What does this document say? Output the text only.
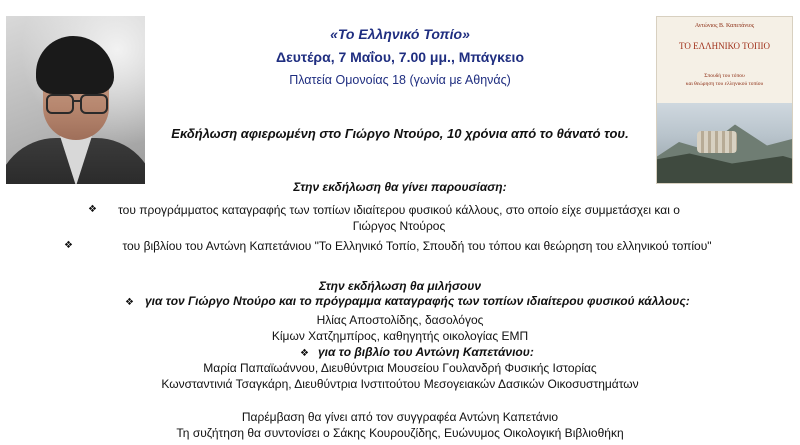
«Το Ελληνικό Τοπίο»
Δευτέρα, 7 Μαΐου, 7.00 μμ., Μπάγκειο
Πλατεία Ομονοίας 18 (γωνία με Αθηνάς)
Αντώνιος Β. Καπετάνιος
ΤΟ ΕΛΛΗΝΙΚΟ ΤΟΠΙΟ
Σπουδή του τόπου
και θεώρηση του ελληνικού τοπίου
Εκδήλωση αφιερωμένη στο Γιώργο Ντούρο, 10 χρόνια από το θάνατό του.
Στην εκδήλωση θα γίνει παρουσίαση:
❖	του προγράμματος καταγραφής των τοπίων ιδιαίτερου φυσικού κάλλους, στο οποίο είχε συμμετάσχει και ο Γιώργος Ντούρος
❖	του βιβλίου του Αντώνη Καπετάνιου "Το Ελληνικό Τοπίο, Σπουδή του τόπου και θεώρηση του ελληνικού τοπίου"
Στην εκδήλωση θα μιλήσουν
❖ για τον Γιώργο Ντούρο και το πρόγραμμα καταγραφής των τοπίων ιδιαίτερου φυσικού κάλλους:
Ηλίας Αποστολίδης, δασολόγος
Κίμων Χατζημπίρος, καθηγητής οικολογίας ΕΜΠ
❖ για το βιβλίο του Αντώνη Καπετάνιου:
Μαρία Παπαϊωάννου, Διευθύντρια Μουσείου Γουλανδρή Φυσικής Ιστορίας
Κωνσταντινιά Τσαγκάρη, Διευθύντρια Ινστιτούτου Μεσογειακών Δασικών Οικοσυστημάτων
Παρέμβαση θα γίνει από τον συγγραφέα Αντώνη Καπετάνιο
Τη συζήτηση θα συντονίσει ο Σάκης Κουρουζίδης, Ευώνυμος Οικολογική Βιβλιοθήκη
